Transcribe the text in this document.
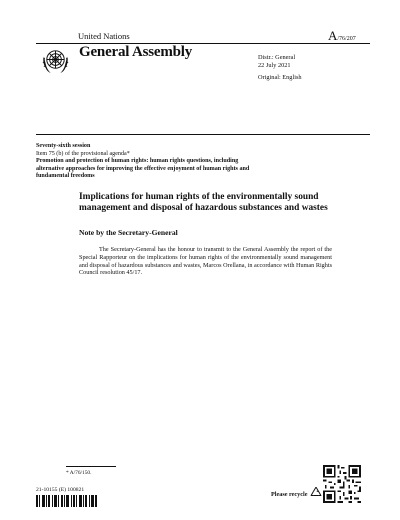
United Nations	A/76/207
General Assembly	Distr.: General
22 July 2021
Original: English
Seventy-sixth session
Item 75 (b) of the provisional agenda*
Promotion and protection of human rights: human rights questions, including alternative approaches for improving the effective enjoyment of human rights and fundamental freedoms
Implications for human rights of the environmentally sound management and disposal of hazardous substances and wastes
Note by the Secretary-General
The Secretary-General has the honour to transmit to the General Assembly the report of the Special Rapporteur on the implications for human rights of the environmentally sound management and disposal of hazardous substances and wastes, Marcos Orellana, in accordance with Human Rights Council resolution 45/17.
* A/76/150.
21-10155 (E) 100821
Please recycle
